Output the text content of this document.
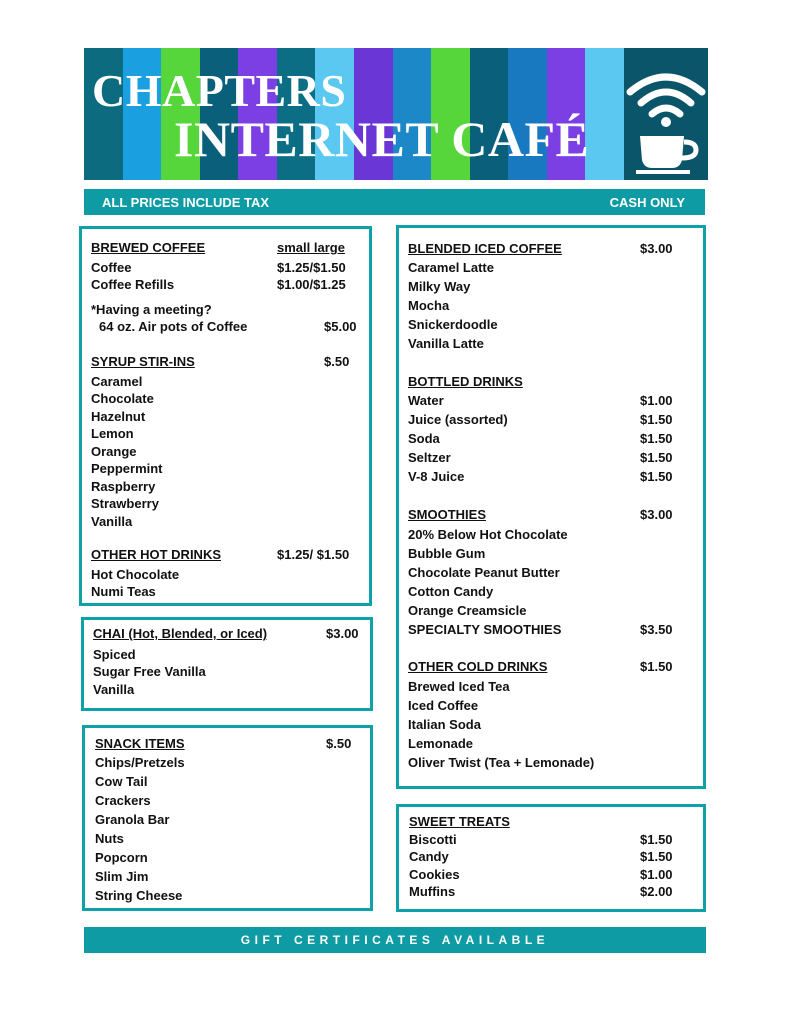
CHAPTERS
INTERNET CAFÉ
ALL PRICES INCLUDE TAX	CASH ONLY
BREWED COFFEE	small large
Coffee	$1.25/$1.50
Coffee Refills	$1.00/$1.25
*Having a meeting?
64 oz. Air pots of Coffee	$5.00
SYRUP STIR-INS	$.50
Caramel
Chocolate
Hazelnut
Lemon
Orange
Peppermint
Raspberry
Strawberry
Vanilla
OTHER HOT DRINKS	$1.25/ $1.50
Hot Chocolate
Numi Teas
CHAI (Hot, Blended, or Iced)	$3.00
Spiced
Sugar Free Vanilla
Vanilla
SNACK ITEMS	$.50
Chips/Pretzels
Cow Tail
Crackers
Granola Bar
Nuts
Popcorn
Slim Jim
String Cheese
BLENDED ICED COFFEE	$3.00
Caramel Latte
Milky Way
Mocha
Snickerdoodle
Vanilla Latte
BOTTLED DRINKS
Water	$1.00
Juice (assorted)	$1.50
Soda	$1.50
Seltzer	$1.50
V-8 Juice	$1.50
SMOOTHIES	$3.00
20% Below Hot Chocolate
Bubble Gum
Chocolate Peanut Butter
Cotton Candy
Orange Creamsicle
SPECIALTY SMOOTHIES	$3.50
OTHER COLD DRINKS	$1.50
Brewed Iced Tea
Iced Coffee
Italian Soda
Lemonade
Oliver Twist (Tea + Lemonade)
SWEET TREATS
Biscotti	$1.50
Candy	$1.50
Cookies	$1.00
Muffins	$2.00
GIFT CERTIFICATES AVAILABLE
